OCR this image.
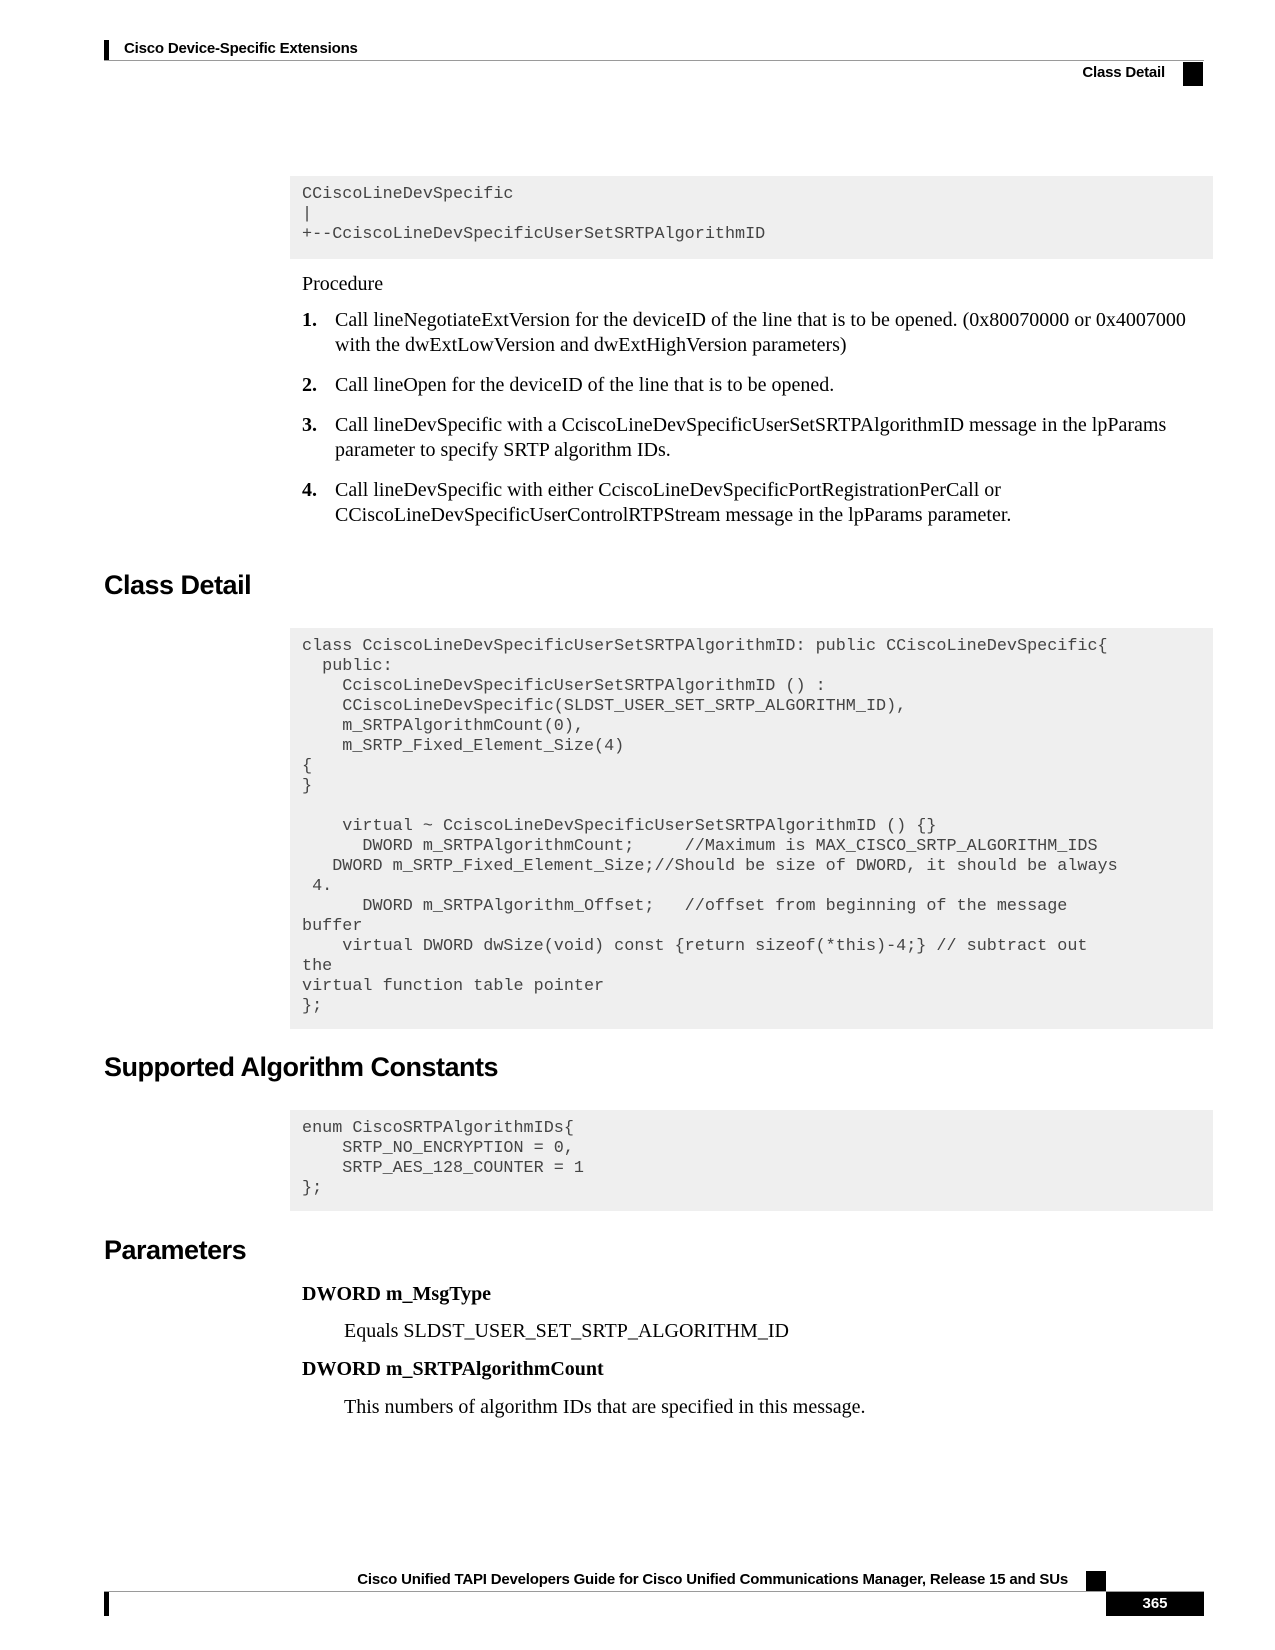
Cisco Device-Specific Extensions
Class Detail
CCiscoLineDevSpecific
|
+--CciscoLineDevSpecificUserSetSRTPAlgorithmID
Procedure
1. Call lineNegotiateExtVersion for the deviceID of the line that is to be opened. (0x80070000 or 0x4007000 with the dwExtLowVersion and dwExtHighVersion parameters)
2. Call lineOpen for the deviceID of the line that is to be opened.
3. Call lineDevSpecific with a CciscoLineDevSpecificUserSetSRTPAlgorithmID message in the lpParams parameter to specify SRTP algorithm IDs.
4. Call lineDevSpecific with either CciscoLineDevSpecificPortRegistrationPerCall or CCiscoLineDevSpecificUserControlRTPStream message in the lpParams parameter.
Class Detail
class CciscoLineDevSpecificUserSetSRTPAlgorithmID: public CCiscoLineDevSpecific{
public:
CciscoLineDevSpecificUserSetSRTPAlgorithmID () :
CCiscoLineDevSpecific(SLDST_USER_SET_SRTP_ALGORITHM_ID),
m_SRTPAlgorithmCount(0),
m_SRTP_Fixed_Element_Size(4)
{
}

virtual ~ CciscoLineDevSpecificUserSetSRTPAlgorithmID () {}
DWORD m_SRTPAlgorithmCount;     //Maximum is MAX_CISCO_SRTP_ALGORITHM_IDS
DWORD m_SRTP_Fixed_Element_Size;//Should be size of DWORD, it should be always
4.
DWORD m_SRTPAlgorithm_Offset;   //offset from beginning of the message
buffer
virtual DWORD dwSize(void) const {return sizeof(*this)-4;} // subtract out
the
virtual function table pointer
};
Supported Algorithm Constants
enum CiscoSRTPAlgorithmIDs{
SRTP_NO_ENCRYPTION = 0,
SRTP_AES_128_COUNTER = 1
};
Parameters
DWORD m_MsgType
Equals SLDST_USER_SET_SRTP_ALGORITHM_ID
DWORD m_SRTPAlgorithmCount
This numbers of algorithm IDs that are specified in this message.
Cisco Unified TAPI Developers Guide for Cisco Unified Communications Manager, Release 15 and SUs
365
